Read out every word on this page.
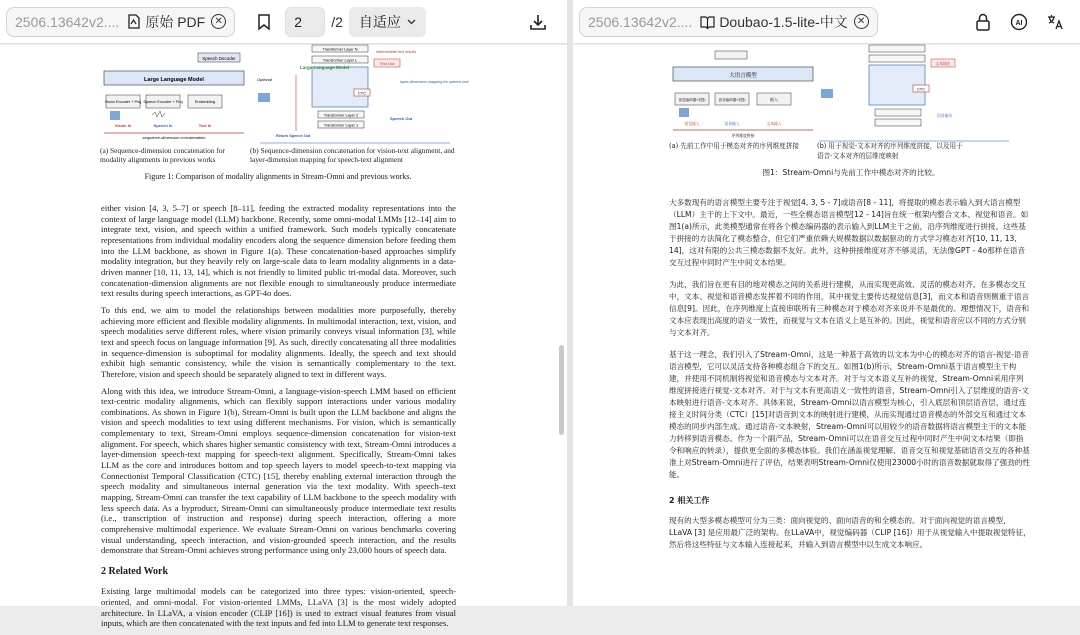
2506.13642v2.... 原始 PDF ✕	2	/2 自适应	2506.13642v2.... Doubao-1.5-lite-中文 ✕	AI
Speech Decoder
Large Language Model
Vision Encoder + Proj Speech Encoder + Proj	Embedding
Vision In	Speech In	Text In
sequence-dimension concatenation
Optional
Transformer Layer N
Transformer Layer L
Large Language Model
Transformer Layer 2
Transformer Layer 1
Text Out
intermediate text results
CTC
layer-dimension mapping for speech-text
Return Speech Out
Speech Out
(a) Sequence-dimension concatenation for modality alignments in previous works
(b) Sequence-dimension concatenation for vision-text alignment, and layer-dimension mapping for speech-text alignment
Figure 1: Comparison of modality alignments in Stream-Omni and previous works.

either vision [4, 3, 5–7] or speech [8–11], feeding the extracted modality representations into the context of large language model (LLM) backbone. Recently, some omni-modal LMMs [12–14] aim to integrate text, vision, and speech within a unified framework. Such models typically concatenate representations from individual modality encoders along the sequence dimension before feeding them into the LLM backbone, as shown in Figure 1(a). These concatenation-based approaches simplify modality integration, but they heavily rely on large-scale data to learn modality alignments in a data-driven manner [10, 11, 13, 14], which is not friendly to limited public tri-modal data. Moreover, such concatenation-dimension alignments are not flexible enough to simultaneously produce intermediate text results during speech interactions, as GPT-4o does.

To this end, we aim to model the relationships between modalities more purposefully, thereby achieving more efficient and flexible modality alignments. In multimodal interaction, text, vision, and speech modalities serve different roles, where vision primarily conveys visual information [3], while text and speech focus on language information [9]. As such, directly concatenating all three modalities in sequence-dimension is suboptimal for modality alignments. Ideally, the speech and text should exhibit high semantic consistency, while the vision is semantically complementary to the text. Therefore, vision and speech should be separately aligned to text in different ways.

Along with this idea, we introduce Stream-Omni, a language-vision-speech LMM based on efficient text-centric modality alignments, which can flexibly support interactions under various modality combinations. As shown in Figure 1(b), Stream-Omni is built upon the LLM backbone and aligns the vision and speech modalities to text using different mechanisms. For vision, which is semantically complementary to text, Stream-Omni employs sequence-dimension concatenation for vision-text alignment. For speech, which shares higher semantic consistency with text, Stream-Omni introduces a layer-dimension speech-text mapping for speech-text alignment. Specifically, Stream-Omni takes LLM as the core and introduces bottom and top speech layers to model speech-to-text mapping via Connectionist Temporal Classification (CTC) [15], thereby enabling external interaction through the speech modality and simultaneous internal generation via the text modality. With speech–text mapping, Stream-Omni can transfer the text capability of LLM backbone to the speech modality with less speech data. As a byproduct, Stream-Omni can simultaneously produce intermediate text results (i.e., transcription of instruction and response) during speech interaction, offering a more comprehensive multimodal experience. We evaluate Stream-Omni on various benchmarks covering visual understanding, speech interaction, and vision-grounded speech interaction, and the results demonstrate that Stream-Omni achieves strong performance using only 23,000 hours of speech data.

2 Related Work

Existing large multimodal models can be categorized into three types: vision-oriented, speech-oriented, and omni-modal. For vision-oriented LMMs, LLaVA [3] is the most widely adopted architecture. In LLaVA, a vision encoder (CLIP [16]) is used to extract visual features from visual inputs, which are then concatenated with the text inputs and fed into LLM to generate text responses.

大语言模型
视觉编码器+投影	语音编码器+投影	嵌入
视觉输入	语音输入	文本输入
序列维度拼接
CTC
文本输出
语音输出
(a) 先前工作中用于模态对齐的序列维度拼接	(b) 用于视觉-文本对齐的序列维度拼接，以及用于语音-文本对齐的层维度映射
图1：Stream-Omni与先前工作中模态对齐的比较。

大多数现有的语言模型主要专注于视觉[4, 3, 5 - 7]或语音[8 - 11]，将提取的模态表示输入到大语言模型（LLM）主干的上下文中。最近，一些全模态语言模型[12 - 14]旨在统一框架内整合文本、视觉和语音。如图1(a)所示，此类模型通常在将各个模态编码器的表示输入到LLM主干之前，沿序列维度进行拼接。这些基于拼接的方法简化了模态整合，但它们严重依赖大规模数据以数据驱动的方式学习模态对齐[10, 11, 13, 14]，这对有限的公共三模态数据不友好。此外，这种拼接维度对齐不够灵活，无法像GPT - 4o那样在语音交互过程中同时产生中间文本结果。

为此，我们旨在更有目的地对模态之间的关系进行建模，从而实现更高效、灵活的模态对齐。在多模态交互中，文本、视觉和语音模态发挥着不同的作用，其中视觉主要传达视觉信息[3]，而文本和语音则侧重于语言信息[9]。因此，在序列维度上直接串联所有三种模态对于模态对齐来说并不是最优的。理想情况下，语音和文本应表现出高度的语义一致性，而视觉与文本在语义上是互补的。因此，视觉和语音应以不同的方式分别与文本对齐。

基于这一理念，我们引入了Stream-Omni，这是一种基于高效的以文本为中心的模态对齐的语言-视觉-语音语言模型，它可以灵活支持各种模态组合下的交互。如图1(b)所示，Stream-Omni基于语言模型主干构建，并使用不同机制将视觉和语音模态与文本对齐。对于与文本语义互补的视觉，Stream-Omni采用序列维度拼接进行视觉-文本对齐。对于与文本有更高语义一致性的语音，Stream-Omni引入了层维度的语音-文本映射进行语音-文本对齐。具体来说，Stream-Omni以语言模型为核心，引入底层和顶层语音层，通过连接主义时间分类（CTC）[15]对语音到文本的映射进行建模，从而实现通过语音模态的外部交互和通过文本模态的同步内部生成。通过语音-文本映射，Stream-Omni可以用较少的语音数据将语言模型主干的文本能力转移到语音模态。作为一个副产品，Stream-Omni可以在语音交互过程中同时产生中间文本结果（即指令和响应的转录），提供更全面的多模态体验。我们在涵盖视觉理解、语音交互和视觉基础语音交互的各种基准上对Stream-Omni进行了评估，结果表明Stream-Omni仅使用23000小时的语音数据就取得了强劲的性能。

2 相关工作

现有的大型多模态模型可分为三类：面向视觉的、面向语音的和全模态的。对于面向视觉的语言模型，LLaVA [3] 是应用最广泛的架构。在LLaVA中，视觉编码器（CLIP [16]）用于从视觉输入中提取视觉特征，然后将这些特征与文本输入连接起来，并输入到语言模型中以生成文本响应。
